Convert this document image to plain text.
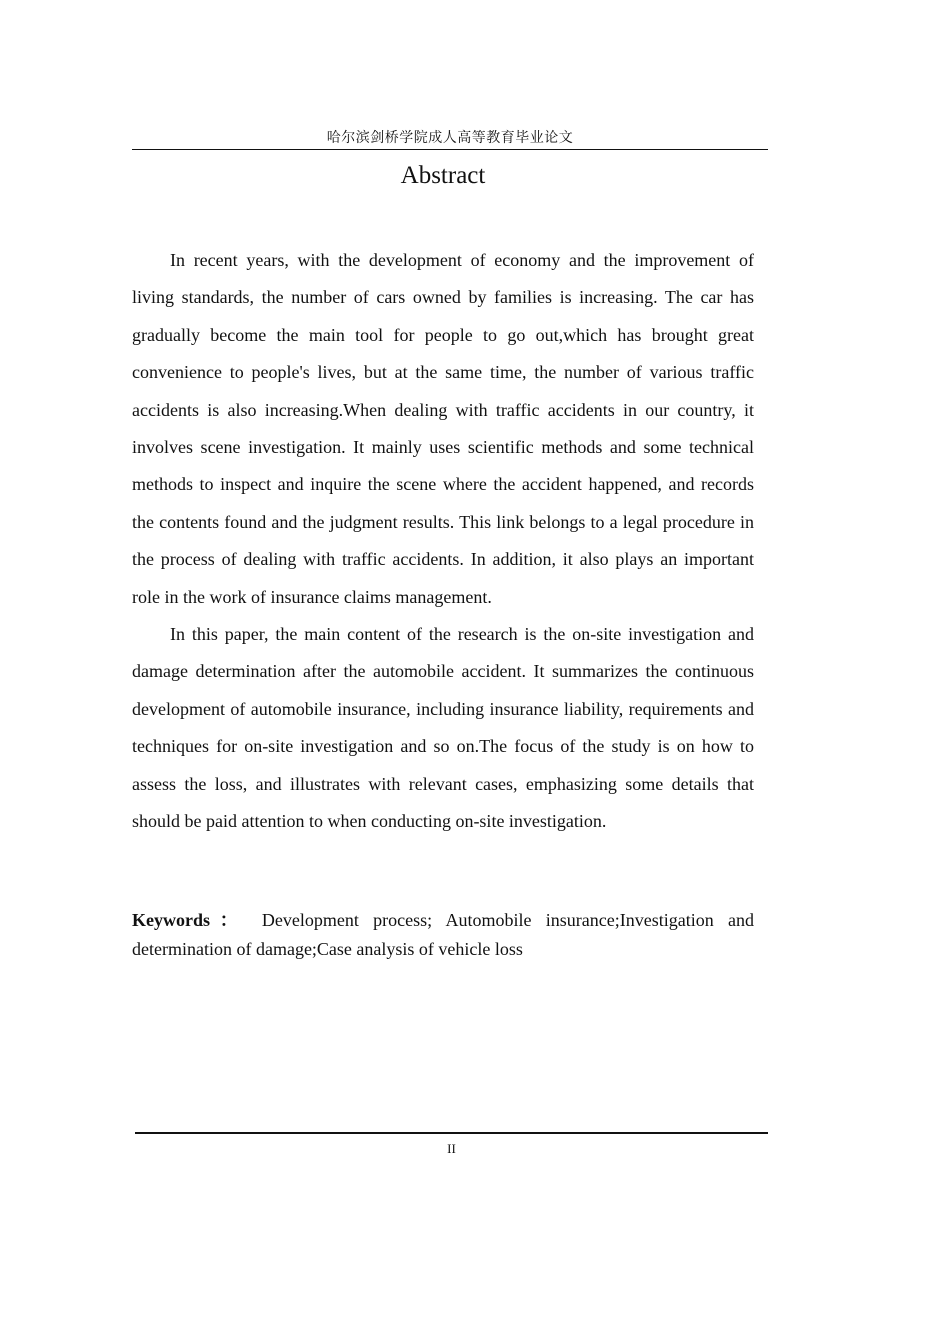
哈尔滨剑桥学院成人高等教育毕业论文
Abstract

In recent years, with the development of economy and the improvement of living standards, the number of cars owned by families is increasing. The car has gradually become the main tool for people to go out,which has brought great convenience to people's lives, but at the same time, the number of various traffic accidents is also increasing.When dealing with traffic accidents in our country, it involves scene investigation. It mainly uses scientific methods and some technical methods to inspect and inquire the scene where the accident happened, and records the contents found and the judgment results. This link belongs to a legal procedure in the process of dealing with traffic accidents. In addition, it also plays an important role in the work of insurance claims management.

In this paper, the main content of the research is the on-site investigation and damage determination after the automobile accident. It summarizes the continuous development of automobile insurance, including insurance liability, requirements and techniques for on-site investigation and so on.The focus of the study is on how to assess the loss, and illustrates with relevant cases, emphasizing some details that should be paid attention to when conducting on-site investigation.

Keywords： Development process; Automobile insurance;Investigation and determination of damage;Case analysis of vehicle loss

II
